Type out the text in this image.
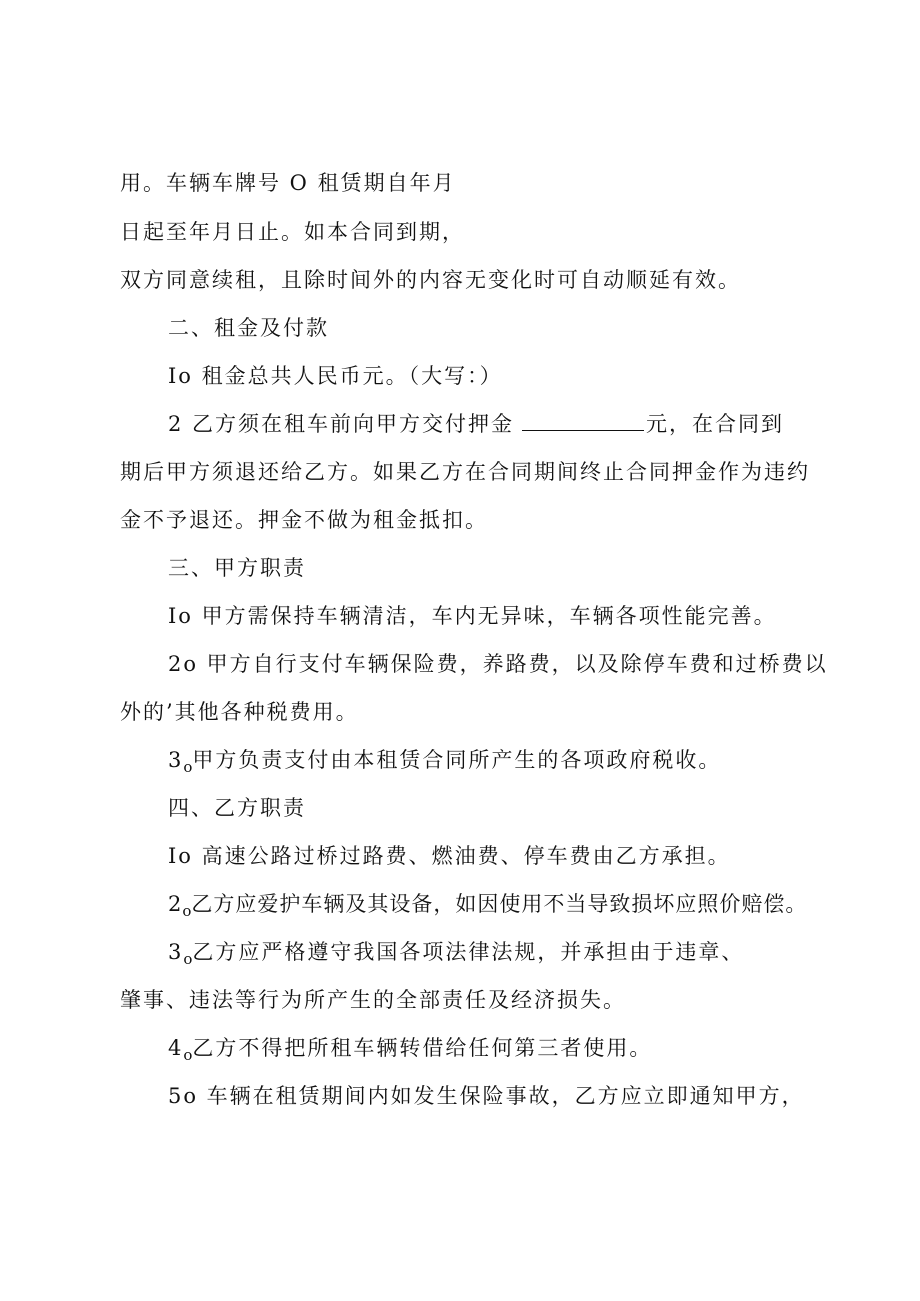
用。车辆车牌号 O 租赁期自年月
日起至年月日止。如本合同到期，
双方同意续租，且除时间外的内容无变化时可自动顺延有效。
二、租金及付款
Io 租金总共人民币元。（大写：）
2 乙方须在租车前向甲方交付押金	元，在合同到
期后甲方须退还给乙方。如果乙方在合同期间终止合同押金作为违约
金不予退还。押金不做为租金抵扣。
三、甲方职责
Io 甲方需保持车辆清洁，车内无异味，车辆各项性能完善。
2o 甲方自行支付车辆保险费，养路费，以及除停车费和过桥费以
外的’其他各种税费用。
$3_o$甲方负责支付由本租赁合同所产生的各项政府税收。
四、乙方职责
Io 高速公路过桥过路费、燃油费、停车费由乙方承担。
$2_o$乙方应爱护车辆及其设备，如因使用不当导致损坏应照价赔偿。
$3_o$乙方应严格遵守我国各项法律法规，并承担由于违章、
肇事、违法等行为所产生的全部责任及经济损失。
$4_o$乙方不得把所租车辆转借给任何第三者使用。
5o 车辆在租赁期间内如发生保险事故，乙方应立即通知甲方，
